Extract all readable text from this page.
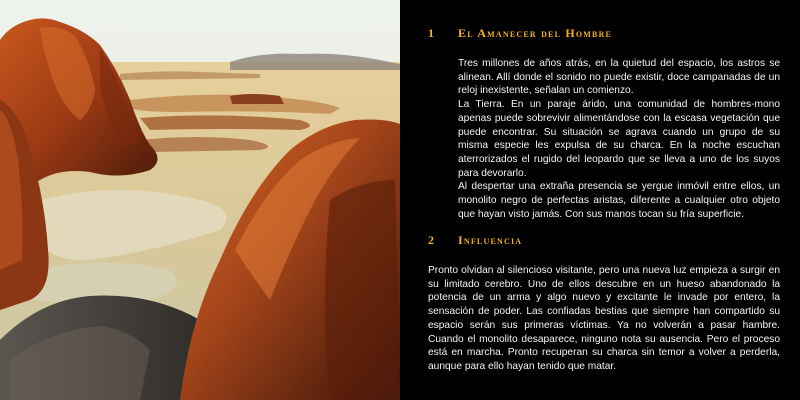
1	El Amanecer del Hombre

Tres millones de años atrás, en la quietud del espacio, los astros se alinean. Allí donde el sonido no puede existir, doce campanadas de un reloj inexistente, señalan un comienzo.

La Tierra. En un paraje árido, una comunidad de hombres-mono apenas puede sobrevivir alimentándose con la escasa vegetación que puede encontrar. Su situación se agrava cuando un grupo de su misma especie les expulsa de su charca. En la noche escuchan aterrorizados el rugido del leopardo que se lleva a uno de los suyos para devorarlo.

Al despertar una extraña presencia se yergue inmóvil entre ellos, un monolito negro de perfectas aristas, diferente a cualquier otro objeto que hayan visto jamás. Con sus manos tocan su fría superficie.

2	Influencia

Pronto olvidan al silencioso visitante, pero una nueva luz empieza a surgir en su limitado cerebro. Uno de ellos descubre en un hueso abandonado la potencia de un arma y algo nuevo y excitante le invade por entero, la sensación de poder. Las confiadas bestias que siempre han compartido su espacio serán sus primeras víctimas. Ya no volverán a pasar hambre. Cuando el monolito desaparece, ninguno nota su ausencia. Pero el proceso está en marcha. Pronto recuperan su charca sin temor a volver a perderla, aunque para ello hayan tenido que matar.
